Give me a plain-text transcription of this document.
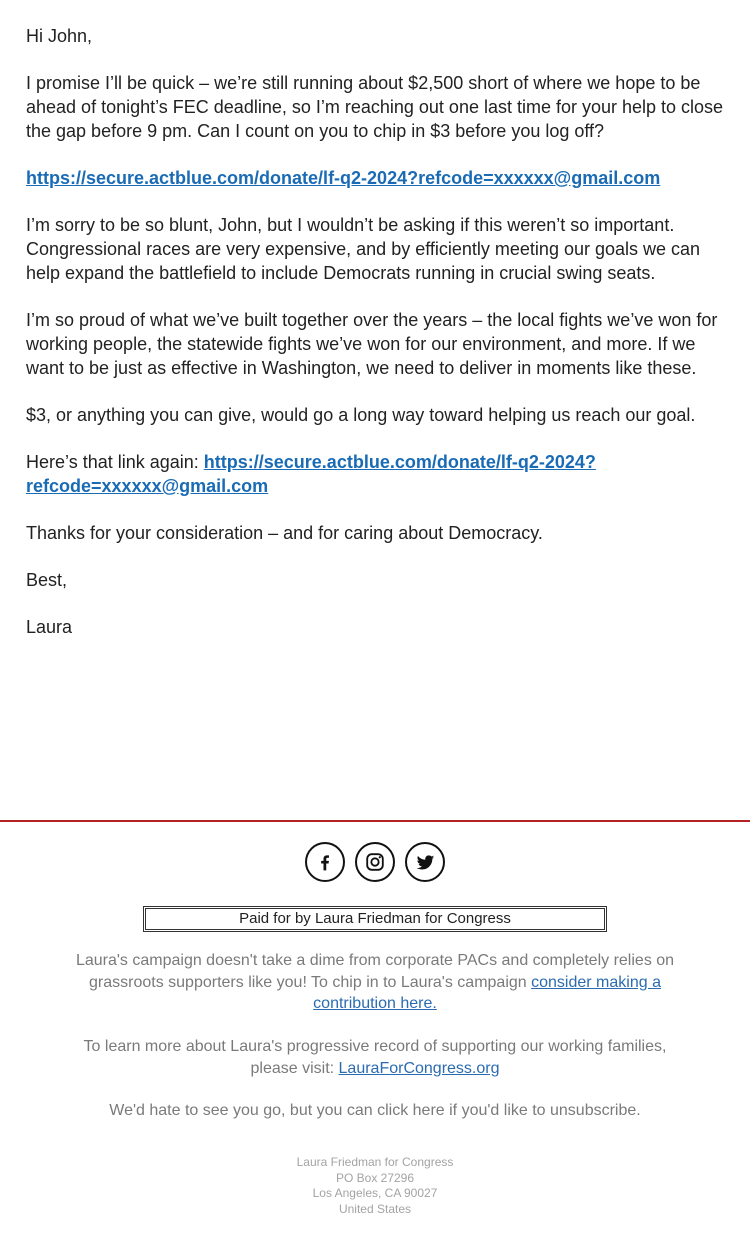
Hi John,

I promise I’ll be quick – we’re still running about $2,500 short of where we hope to be ahead of tonight’s FEC deadline, so I’m reaching out one last time for your help to close the gap before 9 pm. Can I count on you to chip in $3 before you log off?

https://secure.actblue.com/donate/lf-q2-2024?refcode=xxxxxx@gmail.com

I’m sorry to be so blunt, John, but I wouldn’t be asking if this weren’t so important. Congressional races are very expensive, and by efficiently meeting our goals we can help expand the battlefield to include Democrats running in crucial swing seats.

I’m so proud of what we’ve built together over the years – the local fights we’ve won for working people, the statewide fights we’ve won for our environment, and more. If we want to be just as effective in Washington, we need to deliver in moments like these.

$3, or anything you can give, would go a long way toward helping us reach our goal.

Here’s that link again: https://secure.actblue.com/donate/lf-q2-2024?refcode=xxxxxx@gmail.com

Thanks for your consideration – and for caring about Democracy.

Best,

Laura

Paid for by Laura Friedman for Congress
Laura's campaign doesn't take a dime from corporate PACs and completely relies on grassroots supporters like you! To chip in to Laura's campaign consider making a contribution here.
To learn more about Laura's progressive record of supporting our working families, please visit: LauraForCongress.org
We'd hate to see you go, but you can click here if you'd like to unsubscribe.
Laura Friedman for Congress
PO Box 27296
Los Angeles, CA 90027
United States
